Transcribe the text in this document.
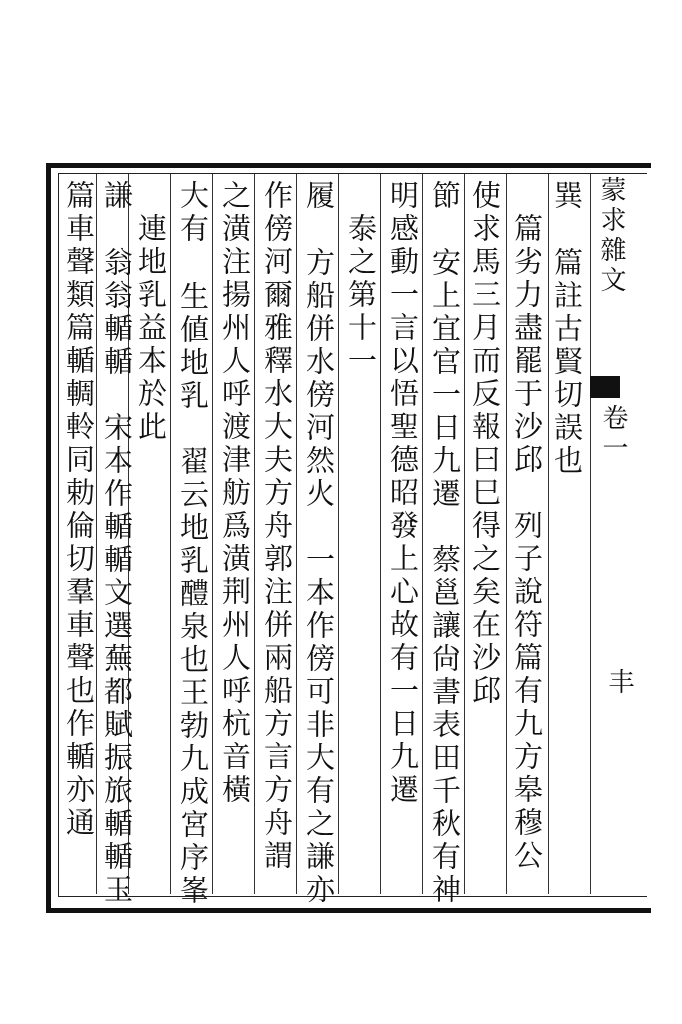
蒙求雜文
卷一
丰
巽
　篇註古賢切誤也
　篇劣力盡罷于沙邱　列子說符篇有九方皋穆公
使求馬三月而反報曰巳得之矣在沙邱
節
　安上宜官一日九遷　蔡邕讓尙書表田千秋有神
明感動一言以悟聖德昭發上心故有一日九遷
　泰之第十一
履
　方船併水傍河然火　一本作傍可非大有之謙亦
作傍河爾雅釋水大夫方舟郭注併兩船方言方舟謂
之潢注揚州人呼渡津舫爲潢荆州人呼杭音橫
大有
　生値地乳　翟云地乳醴泉也王勃九成宮序峯
　連地乳益本於此
謙
　翁翁輴輴　宋本作輴輴文選蕪都賦振旅輴輴玉
篇車聲類篇輴輖軨同勅倫切羣車聲也作輴亦通
